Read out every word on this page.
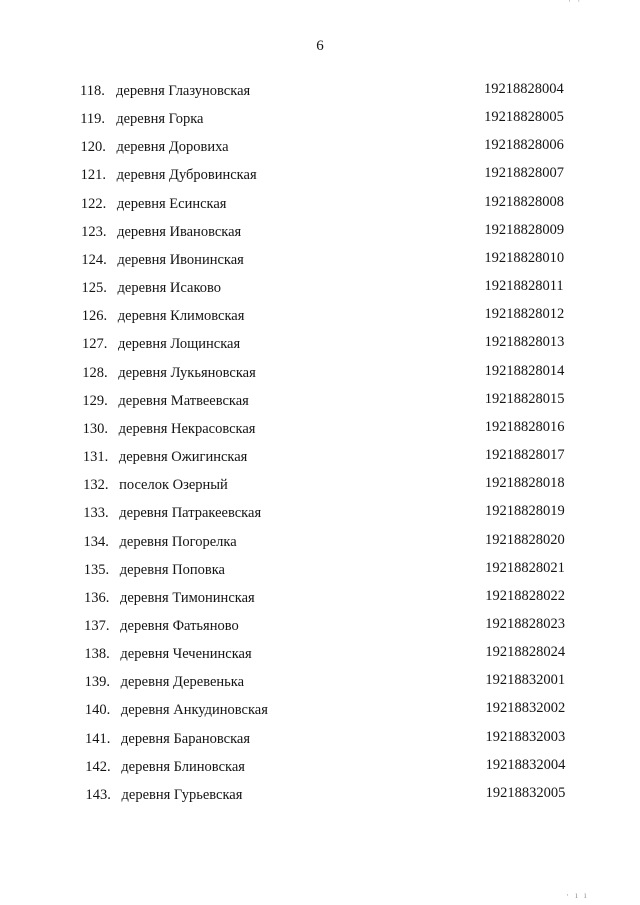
6
118. деревня Глазуновская	19218828004
119. деревня Горка	19218828005
120. деревня Доровиха	19218828006
121. деревня Дубровинская	19218828007
122. деревня Есинская	19218828008
123. деревня Ивановская	19218828009
124. деревня Ивонинская	19218828010
125. деревня Исаково	19218828011
126. деревня Климовская	19218828012
127. деревня Лощинская	19218828013
128. деревня Лукьяновская	19218828014
129. деревня Матвеевская	19218828015
130. деревня Некрасовская	19218828016
131. деревня Ожигинская	19218828017
132. поселок Озерный	19218828018
133. деревня Патракеевская	19218828019
134. деревня Погорелка	19218828020
135. деревня Поповка	19218828021
136. деревня Тимонинская	19218828022
137. деревня Фатьяново	19218828023
138. деревня Чеченинская	19218828024
139. деревня Деревенька	19218832001
140. деревня Анкудиновская	19218832002
141. деревня Барановская	19218832003
142. деревня Блиновская	19218832004
143. деревня Гурьевская	19218832005
· ·
· ı ı
